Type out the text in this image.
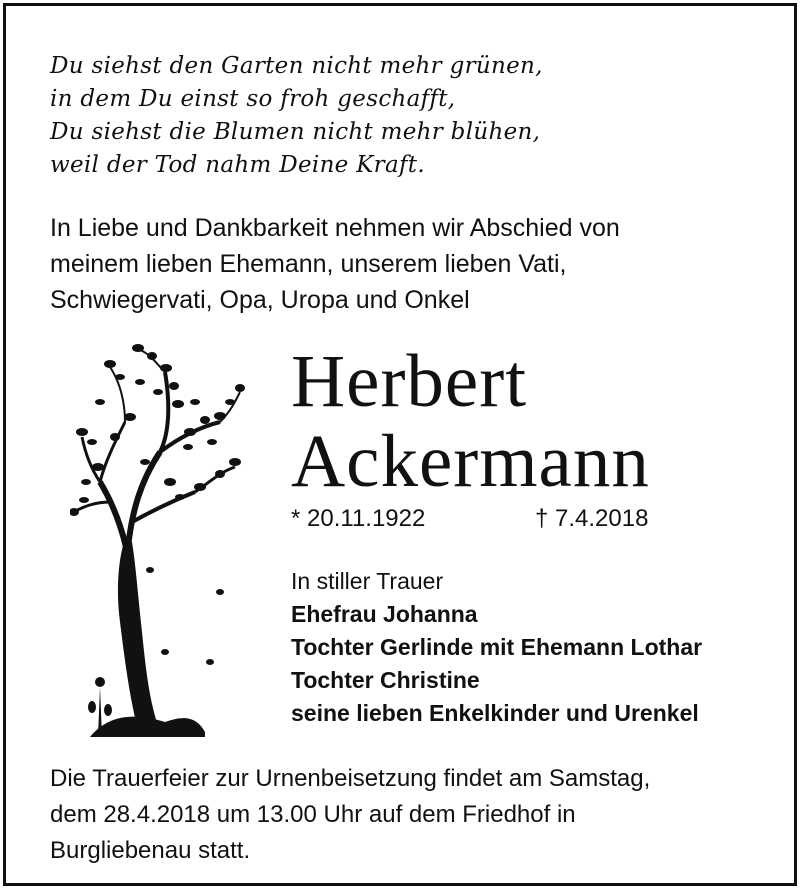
Du siehst den Garten nicht mehr grünen,
in dem Du einst so froh geschafft,
Du siehst die Blumen nicht mehr blühen,
weil der Tod nahm Deine Kraft.
In Liebe und Dankbarkeit nehmen wir Abschied von
meinem lieben Ehemann, unserem lieben Vati,
Schwiegervati, Opa, Uropa und Onkel
Herbert
Ackermann
* 20.11.1922	† 7.4.2018
In stiller Trauer
Ehefrau Johanna
Tochter Gerlinde mit Ehemann Lothar
Tochter Christine
seine lieben Enkelkinder und Urenkel
Die Trauerfeier zur Urnenbeisetzung findet am Samstag,
dem 28.4.2018 um 13.00 Uhr auf dem Friedhof in
Burgliebenau statt.
